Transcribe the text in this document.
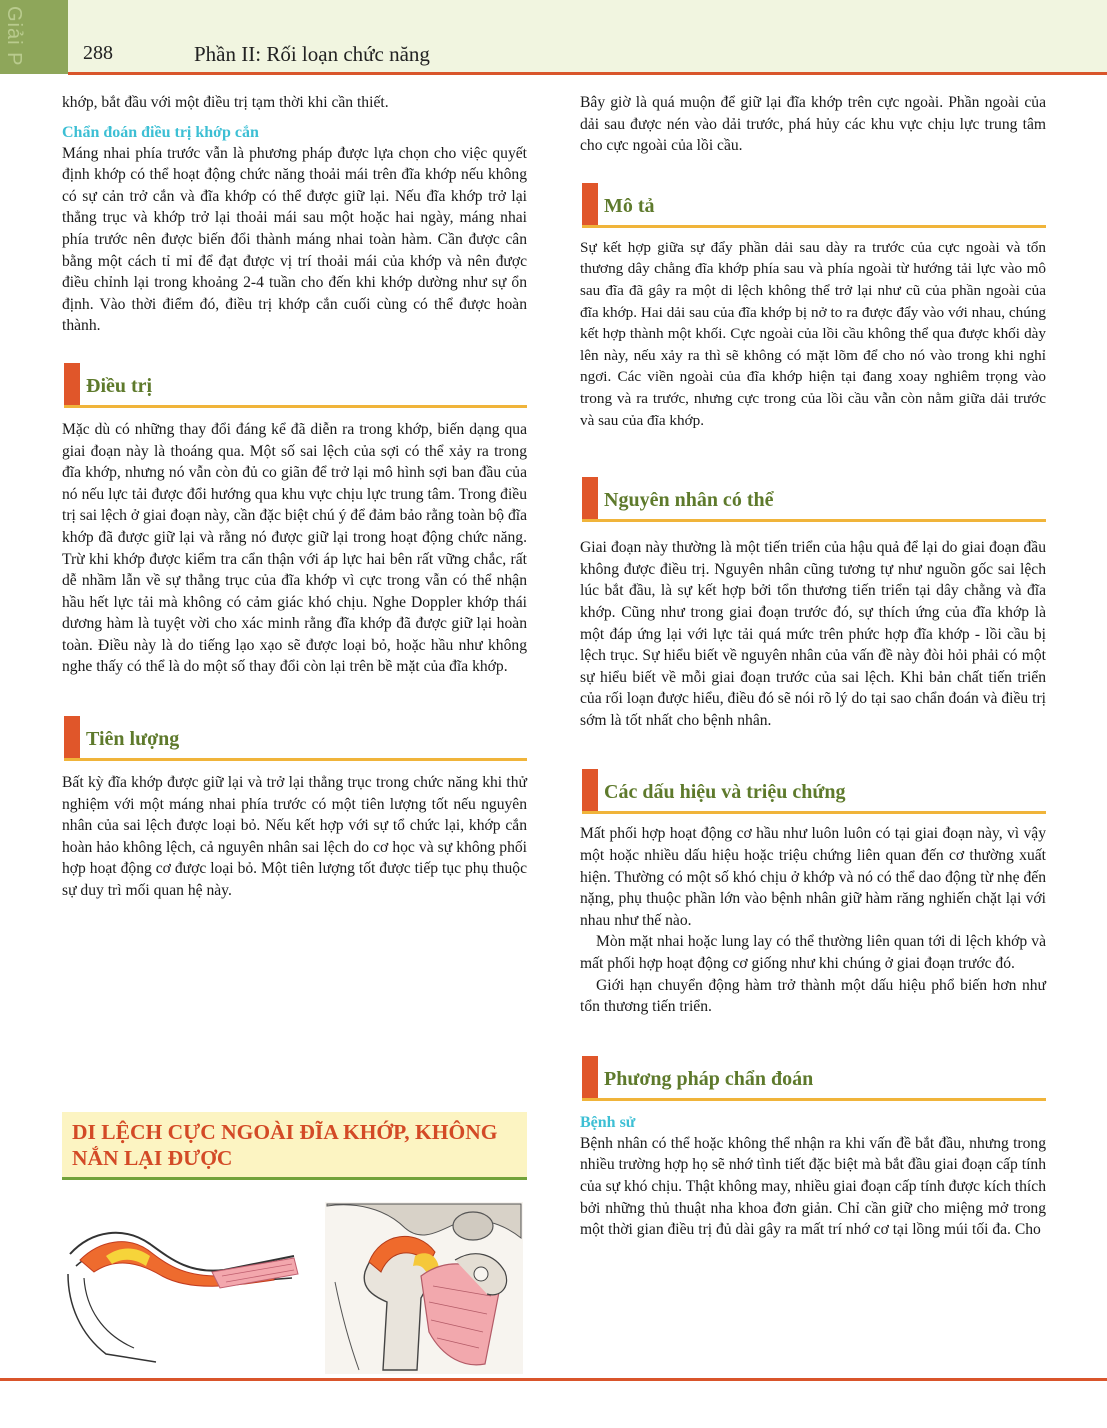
Giải P	288	Phần II: Rối loạn chức năng

khớp, bắt đầu với một điều trị tạm thời khi cần thiết.

Chẩn đoán điều trị khớp cắn

Máng nhai phía trước vẫn là phương pháp được lựa chọn cho việc quyết định khớp có thể hoạt động chức năng thoải mái trên đĩa khớp nếu không có sự cản trở cắn và đĩa khớp có thể được giữ lại. Nếu đĩa khớp trở lại thẳng trục và khớp trở lại thoải mái sau một hoặc hai ngày, máng nhai phía trước nên được biến đổi thành máng nhai toàn hàm. Cần được cân bằng một cách tỉ mỉ để đạt được vị trí thoải mái của khớp và nên được điều chỉnh lại trong khoảng 2-4 tuần cho đến khi khớp dường như sự ổn định. Vào thời điểm đó, điều trị khớp cắn cuối cùng có thể được hoàn thành.

Điều trị

Mặc dù có những thay đổi đáng kể đã diễn ra trong khớp, biến dạng qua giai đoạn này là thoáng qua. Một số sai lệch của sợi có thể xảy ra trong đĩa khớp, nhưng nó vẫn còn đủ co giãn để trở lại mô hình sợi ban đầu của nó nếu lực tải được đổi hướng qua khu vực chịu lực trung tâm. Trong điều trị sai lệch ở giai đoạn này, cần đặc biệt chú ý để đảm bảo rằng toàn bộ đĩa khớp đã được giữ lại và rằng nó được giữ lại trong hoạt động chức năng. Trừ khi khớp được kiểm tra cẩn thận với áp lực hai bên rất vững chắc, rất dễ nhầm lẫn về sự thẳng trục của đĩa khớp vì cực trong vẫn có thể nhận hầu hết lực tải mà không có cảm giác khó chịu. Nghe Doppler khớp thái dương hàm là tuyệt vời cho xác minh rằng đĩa khớp đã được giữ lại hoàn toàn. Điều này là do tiếng lạo xạo sẽ được loại bỏ, hoặc hầu như không nghe thấy có thể là do một số thay đổi còn lại trên bề mặt của đĩa khớp.

Tiên lượng

Bất kỳ đĩa khớp được giữ lại và trở lại thẳng trục trong chức năng khi thử nghiệm với một máng nhai phía trước có một tiên lượng tốt nếu nguyên nhân của sai lệch được loại bỏ. Nếu kết hợp với sự tổ chức lại, khớp cắn hoàn hảo không lệch, cả nguyên nhân sai lệch do cơ học và sự không phối hợp hoạt động cơ được loại bỏ. Một tiên lượng tốt được tiếp tục phụ thuộc sự duy trì mối quan hệ này.

DI LỆCH CỰC NGOÀI ĐĨA KHỚP, KHÔNG NẮN LẠI ĐƯỢC

Bây giờ là quá muộn để giữ lại đĩa khớp trên cực ngoài. Phần ngoài của dải sau được nén vào dải trước, phá hủy các khu vực chịu lực trung tâm cho cực ngoài của lồi cầu.

Mô tả

Sự kết hợp giữa sự đẩy phần dải sau dày ra trước của cực ngoài và tổn thương dây chằng đĩa khớp phía sau và phía ngoài từ hướng tải lực vào mô sau đĩa đã gây ra một di lệch không thể trở lại như cũ của phần ngoài của đĩa khớp. Hai dải sau của đĩa khớp bị nở to ra được đẩy vào với nhau, chúng kết hợp thành một khối. Cực ngoài của lồi cầu không thể qua được khối dày lên này, nếu xảy ra thì sẽ không có mặt lõm để cho nó vào trong khi nghỉ ngơi. Các viền ngoài của đĩa khớp hiện tại đang xoay nghiêm trọng vào trong và ra trước, nhưng cực trong của lồi cầu vẫn còn nằm giữa dải trước và sau của đĩa khớp.

Nguyên nhân có thể

Giai đoạn này thường là một tiến triển của hậu quả để lại do giai đoạn đầu không được điều trị. Nguyên nhân cũng tương tự như nguồn gốc sai lệch lúc bắt đầu, là sự kết hợp bởi tổn thương tiến triển tại dây chằng và đĩa khớp. Cũng như trong giai đoạn trước đó, sự thích ứng của đĩa khớp là một đáp ứng lại với lực tải quá mức trên phức hợp đĩa khớp - lồi cầu bị lệch trục. Sự hiểu biết về nguyên nhân của vấn đề này đòi hỏi phải có một sự hiểu biết về mỗi giai đoạn trước của sai lệch. Khi bản chất tiến triển của rối loạn được hiểu, điều đó sẽ nói rõ lý do tại sao chẩn đoán và điều trị sớm là tốt nhất cho bệnh nhân.

Các dấu hiệu và triệu chứng

Mất phối hợp hoạt động cơ hầu như luôn luôn có tại giai đoạn này, vì vậy một hoặc nhiều dấu hiệu hoặc triệu chứng liên quan đến cơ thường xuất hiện. Thường có một số khó chịu ở khớp và nó có thể dao động từ nhẹ đến nặng, phụ thuộc phần lớn vào bệnh nhân giữ hàm răng nghiến chặt lại với nhau như thế nào.

Mòn mặt nhai hoặc lung lay có thể thường liên quan tới di lệch khớp và mất phối hợp hoạt động cơ giống như khi chúng ở giai đoạn trước đó.

Giới hạn chuyển động hàm trở thành một dấu hiệu phổ biến hơn như tổn thương tiến triển.

Phương pháp chẩn đoán
Bệnh sử

Bệnh nhân có thể hoặc không thể nhận ra khi vấn đề bắt đầu, nhưng trong nhiều trường hợp họ sẽ nhớ tình tiết đặc biệt mà bắt đầu giai đoạn cấp tính của sự khó chịu. Thật không may, nhiều giai đoạn cấp tính được kích thích bởi những thủ thuật nha khoa đơn giản. Chỉ cần giữ cho miệng mở trong một thời gian điều trị đủ dài gây ra mất trí nhớ cơ tại lồng múi tối đa. Cho
